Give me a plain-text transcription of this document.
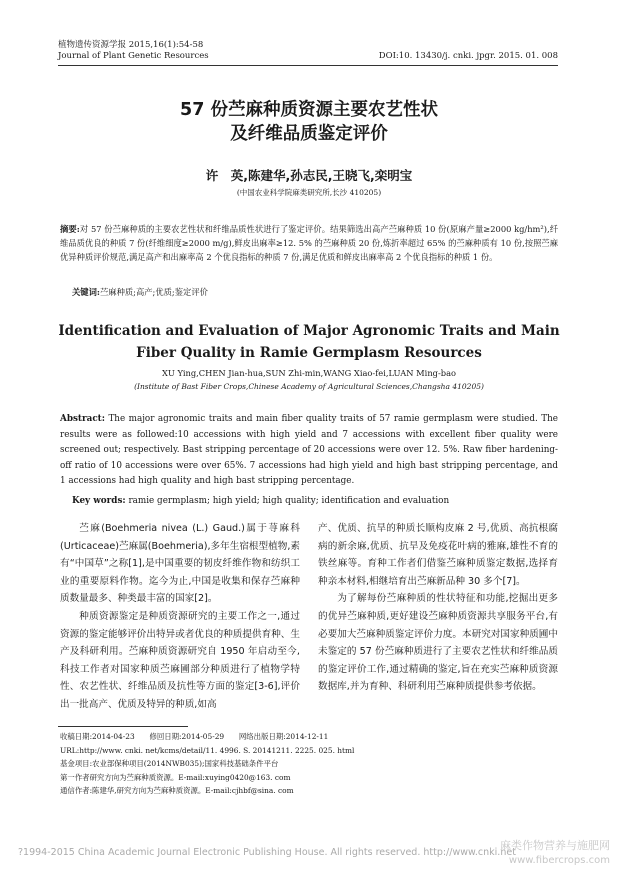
植物遗传资源学报 2015,16(1):54-58
Journal of Plant Genetic Resources	DOI:10. 13430/j. cnki. jpgr. 2015. 01. 008
57 份苎麻种质资源主要农艺性状
及纤维品质鉴定评价
许　英,陈建华,孙志民,王晓飞,栾明宝
(中国农业科学院麻类研究所,长沙 410205)
摘要:对 57 份苎麻种质的主要农艺性状和纤维品质性状进行了鉴定评价。结果筛选出高产苎麻种质 10 份(原麻产量≥2000 kg/hm²),纤维品质优良的种质 7 份(纤维细度≥2000 m/g),鲜皮出麻率≥12. 5% 的苎麻种质 20 份,炼折率超过 65% 的苎麻种质有 10 份,按照苎麻优异种质评价规范,满足高产和出麻率高 2 个优良指标的种质 7 份,满足优质和鲜皮出麻率高 2 个优良指标的种质 1 份。
关键词:苎麻种质;高产;优质;鉴定评价
Identification and Evaluation of Major Agronomic Traits and Main
Fiber Quality in Ramie Germplasm Resources
XU Ying,CHEN Jian-hua,SUN Zhi-min,WANG Xiao-fei,LUAN Ming-bao
(Institute of Bast Fiber Crops,Chinese Academy of Agricultural Sciences,Changsha 410205)
Abstract: The major agronomic traits and main fiber quality traits of 57 ramie germplasm were studied. The results were as followed:10 accessions with high yield and 7 accessions with excellent fiber quality were screened out; respectively. Bast stripping percentage of 20 accessions were over 12. 5%. Raw fiber hardening-off ratio of 10 accessions were over 65%. 7 accessions had high yield and high bast stripping percentage, and 1 accessions had high quality and high bast stripping percentage.
Key words: ramie germplasm; high yield; high quality; identification and evaluation

苎麻(Boehmeria nivea (L.) Gaud.)属于荨麻科(Urticaceae)苎麻属(Boehmeria),多年生宿根型植物,素有“中国草”之称[1],是中国重要的韧皮纤维作物和纺织工业的重要原料作物。迄今为止,中国是收集和保存苎麻种质数量最多、种类最丰富的国家[2]。

种质资源鉴定是种质资源研究的主要工作之一,通过资源的鉴定能够评价出特异或者优良的种质提供育种、生产及科研利用。苎麻种质资源研究自 1950 年启动至今,科技工作者对国家种质苎麻圃部分种质进行了植物学特性、农艺性状、纤维品质及抗性等方面的鉴定[3-6],评价出一批高产、优质及特异的种质,如高

产、优质、抗旱的种质长顺构皮麻 2 号,优质、高抗根腐病的新余麻,优质、抗旱及免疫花叶病的雅麻,雄性不育的铁丝麻等。育种工作者们借鉴苎麻种质鉴定数据,选择育种亲本材料,相继培育出苎麻新品种 30 多个[7]。

为了解每份苎麻种质的性状特征和功能,挖掘出更多的优异苎麻种质,更好建设苎麻种质资源共享服务平台,有必要加大苎麻种质鉴定评价力度。本研究对国家种质圃中未鉴定的 57 份苎麻种质进行了主要农艺性状和纤维品质的鉴定评价工作,通过精确的鉴定,旨在充实苎麻种质资源数据库,并为育种、科研利用苎麻种质提供参考依据。

收稿日期:2014-04-23　　修回日期:2014-05-29　　网络出版日期:2014-12-11
URL:http://www. cnki. net/kcms/detail/11. 4996. S. 20141211. 2225. 025. html
基金项目:农业部保种项目(2014NWB035);国家科技基础条件平台
第一作者研究方向为苎麻种质资源。E-mail:xuying0420@163. com
通信作者:陈建华,研究方向为苎麻种质资源。E-mail:cjhbf@sina. com
?1994-2015 China Academic Journal Electronic Publishing House. All rights reserved. http://www.cnki.net
麻类作物营养与施肥网
www.fibercrops.com
